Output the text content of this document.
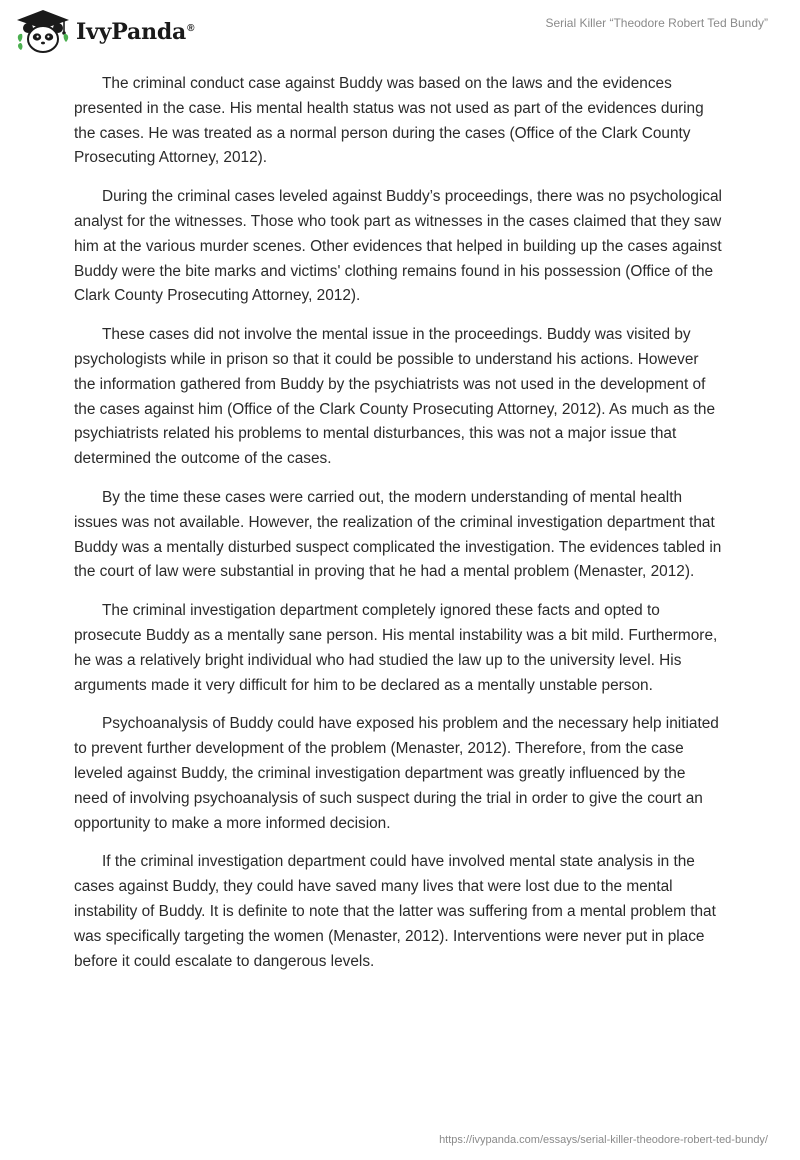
IvyPanda®	Serial Killer “Theodore Robert Ted Bundy”

The criminal conduct case against Buddy was based on the laws and the evidences presented in the case. His mental health status was not used as part of the evidences during the cases. He was treated as a normal person during the cases (Office of the Clark County Prosecuting Attorney, 2012).

During the criminal cases leveled against Buddy’s proceedings, there was no psychological analyst for the witnesses. Those who took part as witnesses in the cases claimed that they saw him at the various murder scenes. Other evidences that helped in building up the cases against Buddy were the bite marks and victims' clothing remains found in his possession (Office of the Clark County Prosecuting Attorney, 2012).

These cases did not involve the mental issue in the proceedings. Buddy was visited by psychologists while in prison so that it could be possible to understand his actions. However the information gathered from Buddy by the psychiatrists was not used in the development of the cases against him (Office of the Clark County Prosecuting Attorney, 2012). As much as the psychiatrists related his problems to mental disturbances, this was not a major issue that determined the outcome of the cases.

By the time these cases were carried out, the modern understanding of mental health issues was not available. However, the realization of the criminal investigation department that Buddy was a mentally disturbed suspect complicated the investigation. The evidences tabled in the court of law were substantial in proving that he had a mental problem (Menaster, 2012).

The criminal investigation department completely ignored these facts and opted to prosecute Buddy as a mentally sane person. His mental instability was a bit mild. Furthermore, he was a relatively bright individual who had studied the law up to the university level. His arguments made it very difficult for him to be declared as a mentally unstable person.

Psychoanalysis of Buddy could have exposed his problem and the necessary help initiated to prevent further development of the problem (Menaster, 2012). Therefore, from the case leveled against Buddy, the criminal investigation department was greatly influenced by the need of involving psychoanalysis of such suspect during the trial in order to give the court an opportunity to make a more informed decision.

If the criminal investigation department could have involved mental state analysis in the cases against Buddy, they could have saved many lives that were lost due to the mental instability of Buddy. It is definite to note that the latter was suffering from a mental problem that was specifically targeting the women (Menaster, 2012). Interventions were never put in place before it could escalate to dangerous levels.

https://ivypanda.com/essays/serial-killer-theodore-robert-ted-bundy/
